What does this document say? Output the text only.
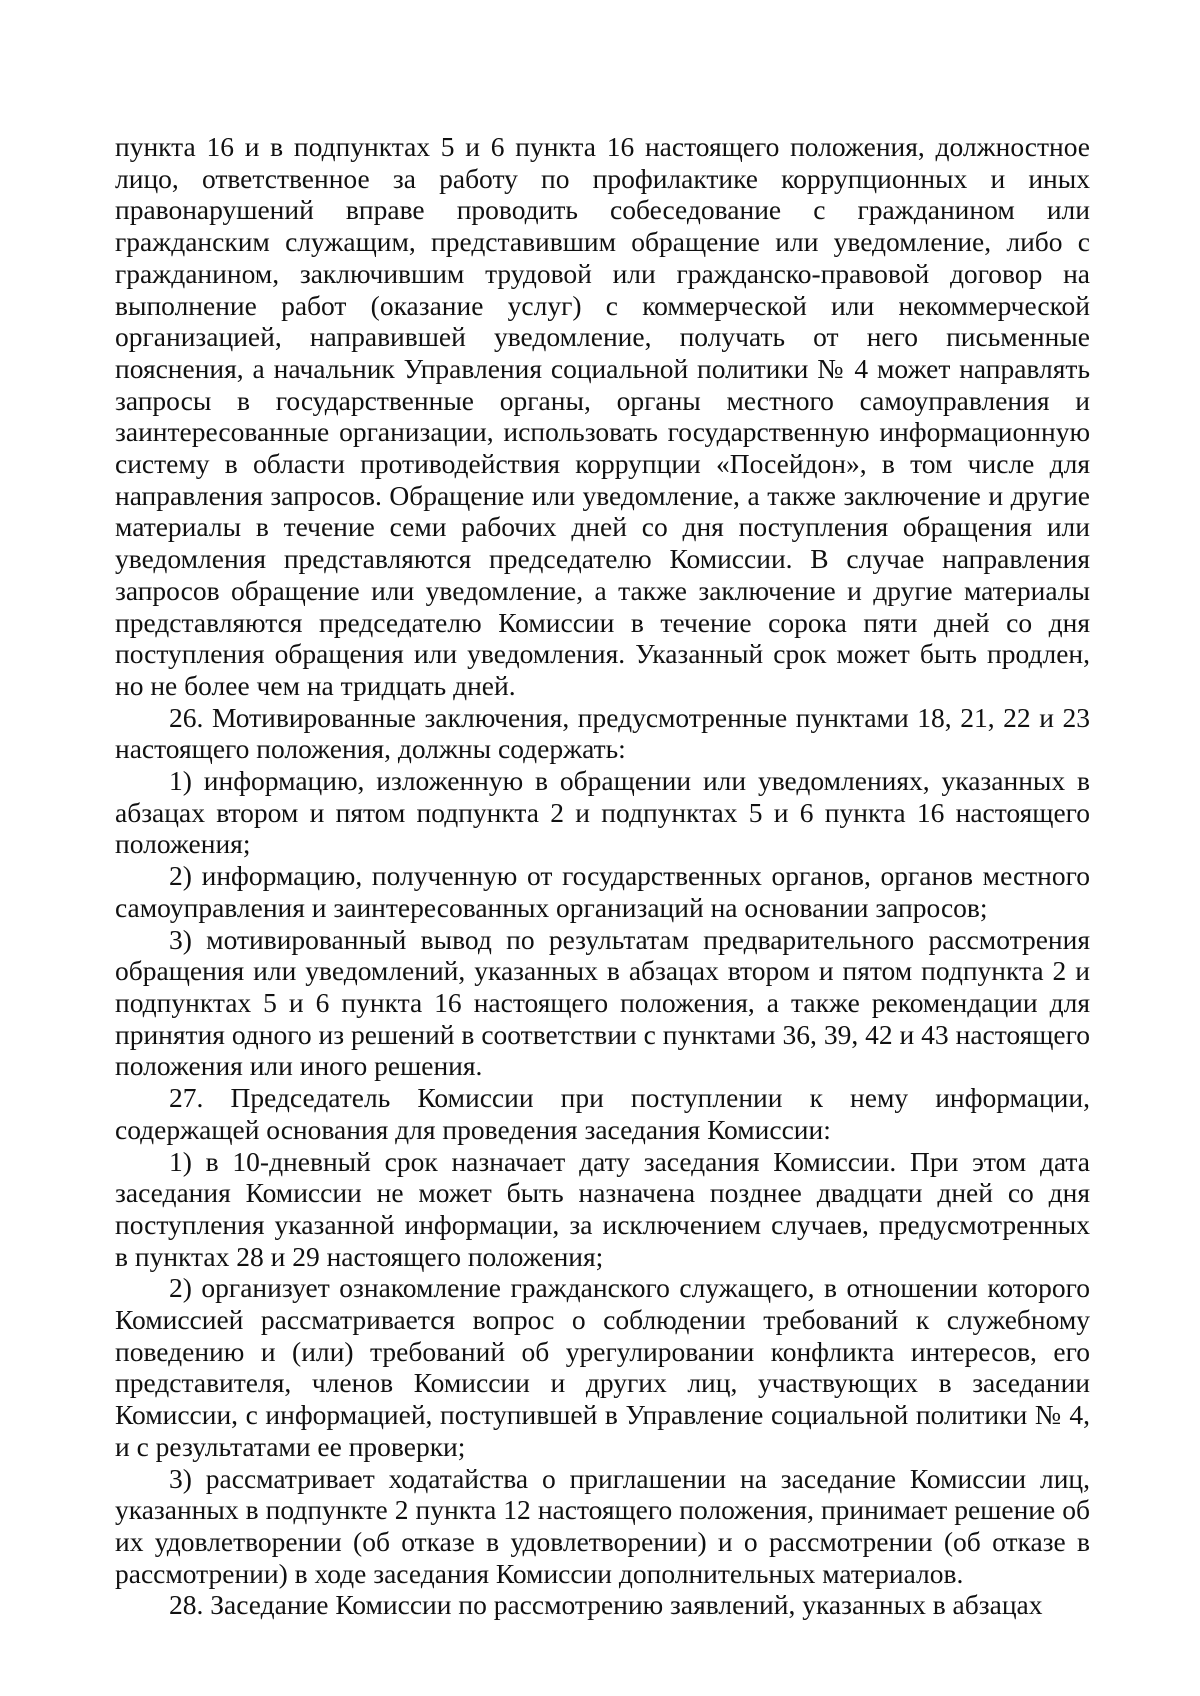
пункта 16 и в подпунктах 5 и 6 пункта 16 настоящего положения, должностное лицо, ответственное за работу по профилактике коррупционных и иных правонарушений вправе проводить собеседование с гражданином или гражданским служащим, представившим обращение или уведомление, либо с гражданином, заключившим трудовой или гражданско-правовой договор на выполнение работ (оказание услуг) с коммерческой или некоммерческой организацией, направившей уведомление, получать от него письменные пояснения, а начальник Управления социальной политики № 4 может направлять запросы в государственные органы, органы местного самоуправления и заинтересованные организации, использовать государственную информационную систему в области противодействия коррупции «Посейдон», в том числе для направления запросов. Обращение или уведомление, а также заключение и другие материалы в течение семи рабочих дней со дня поступления обращения или уведомления представляются председателю Комиссии. В случае направления запросов обращение или уведомление, а также заключение и другие материалы представляются председателю Комиссии в течение сорока пяти дней со дня поступления обращения или уведомления. Указанный срок может быть продлен, но не более чем на тридцать дней.

26. Мотивированные заключения, предусмотренные пунктами 18, 21, 22 и 23 настоящего положения, должны содержать:

1) информацию, изложенную в обращении или уведомлениях, указанных в абзацах втором и пятом подпункта 2 и подпунктах 5 и 6 пункта 16 настоящего положения;

2) информацию, полученную от государственных органов, органов местного самоуправления и заинтересованных организаций на основании запросов;

3) мотивированный вывод по результатам предварительного рассмотрения обращения или уведомлений, указанных в абзацах втором и пятом подпункта 2 и подпунктах 5 и 6 пункта 16 настоящего положения, а также рекомендации для принятия одного из решений в соответствии с пунктами 36, 39, 42 и 43 настоящего положения или иного решения.

27. Председатель Комиссии при поступлении к нему информации, содержащей основания для проведения заседания Комиссии:

1) в 10-дневный срок назначает дату заседания Комиссии. При этом дата заседания Комиссии не может быть назначена позднее двадцати дней со дня поступления указанной информации, за исключением случаев, предусмотренных в пунктах 28 и 29 настоящего положения;

2) организует ознакомление гражданского служащего, в отношении которого Комиссией рассматривается вопрос о соблюдении требований к служебному поведению и (или) требований об урегулировании конфликта интересов, его представителя, членов Комиссии и других лиц, участвующих в заседании Комиссии, с информацией, поступившей в Управление социальной политики № 4, и с результатами ее проверки;

3) рассматривает ходатайства о приглашении на заседание Комиссии лиц, указанных в подпункте 2 пункта 12 настоящего положения, принимает решение об их удовлетворении (об отказе в удовлетворении) и о рассмотрении (об отказе в рассмотрении) в ходе заседания Комиссии дополнительных материалов.

28. Заседание Комиссии по рассмотрению заявлений, указанных в абзацах
